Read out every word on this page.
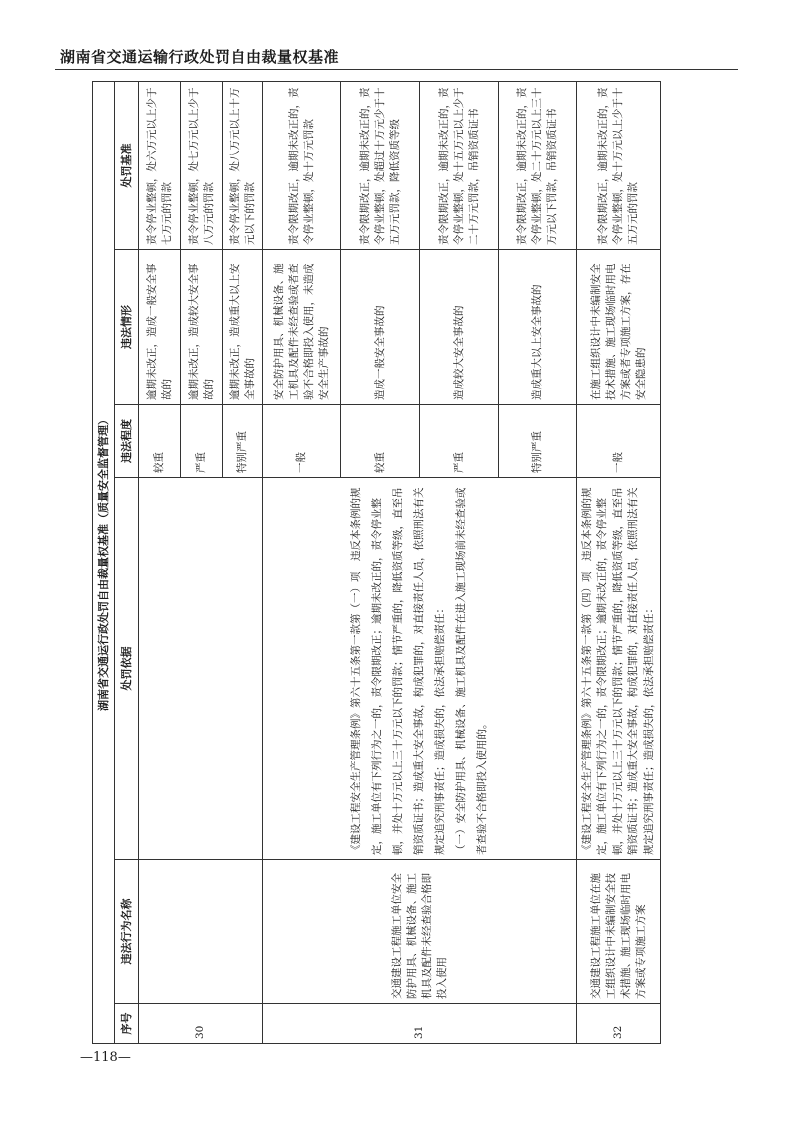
湖南省交通运输行政处罚自由裁量权基准
湖南省交通运行政处罚自由裁量权基准（质量安全监督管理）					
序号	违法行为名称	处罚依据	违法程度	违法情形	处罚基准
30			较重	逾期未改正，造成一般安全事故的	责令停业整顿，处六万元以上少于七万元的罚款
			严重	逾期未改正，造成较大安全事故的	责令停业整顿，处七万元以上少于八万元的罚款
			特别严重	逾期未改正，造成重大以上安全事故的	责令停业整顿，处八万元以上十万元以下的罚款
31	交通建设工程施工单位安全防护用具、机械设备、施工机具及配件未经查验合格即投入使用	《建设工程安全生产管理条例》第六十五条第一款第（一）项　违反本条例的规定，施工单位有下列行为之一的，责令限期改正；逾期未改正的，责令停业整顿，并处十万元以上三十万元以下的罚款；情节严重的，降低资质等级，直至吊销资质证书；造成重大安全事故，构成犯罪的，对直接责任人员，依照刑法有关规定追究刑事责任；造成损失的，依法承担赔偿责任： （一）安全防护用具、机械设备、施工机具及配件在进入施工现场前未经查验或者查验不合格即投入使用的。	一般	安全防护用具、机械设备、施工机具及配件未经查验或者查验不合格即投入使用，未造成安全生产事故的	责令限期改正，逾期未改正的，责令停业整顿，处十万元罚款
			较重	造成一般安全事故的	责令限期改正，逾期未改正的，责令停业整顿，处超过十万元少于十五万元罚款，降低资质等级
			严重	造成较大安全事故的	责令限期改正，逾期未改正的，责令停业整顿，处十五万元以上少于二十万元罚款，吊销资质证书
			特别严重	造成重大以上安全事故的	责令限期改正，逾期未改正的，责令停业整顿，处二十万元以上三十万元以下罚款，吊销资质证书
32	交通建设工程施工单位在施工组织设计中未编制安全技术措施、施工现场临时用电方案或专项施工方案	《建设工程安全生产管理条例》第六十五条第一款第（四）项　违反本条例的规定，施工单位有下列行为之一的，责令限期改正；逾期未改正的，责令停业整顿，并处十万元以上三十万元以下的罚款；情节严重的，降低资质等级，直至吊销资质证书；造成重大安全事故，构成犯罪的，对直接责任人员，依照刑法有关规定追究刑事责任；造成损失的，依法承担赔偿责任：	一般	在施工组织设计中未编制安全技术措施、施工现场临时用电方案或者专项施工方案，存在安全隐患的	责令限期改正，逾期未改正的，责令停业整顿，处十万元以上少于十五万元的罚款
—118—
